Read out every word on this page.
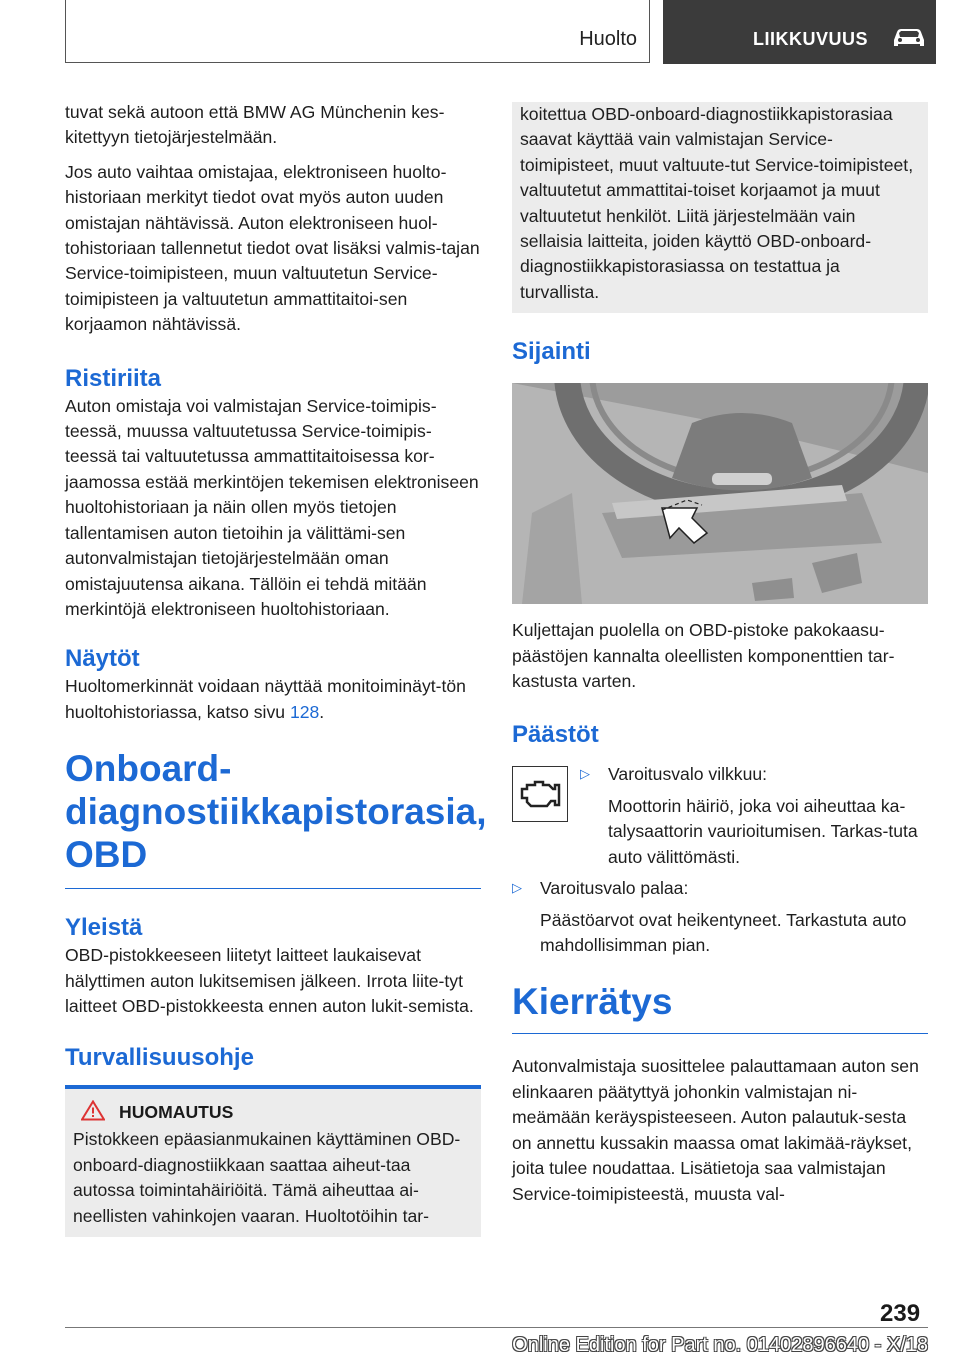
Huolto	LIIKKUVUUS

tuvat sekä autoon että BMW AG Münchenin kes-kitettyyn tietojärjestelmään.

Jos auto vaihtaa omistajaa, elektroniseen huolto-historiaan merkityt tiedot ovat myös auton uuden omistajan nähtävissä. Auton elektroniseen huol-tohistoriaan tallennetut tiedot ovat lisäksi valmis-tajan Service-toimipisteen, muun valtuutetun Service-toimipisteen ja valtuutetun ammattitaitoi-sen korjaamon nähtävissä.

Ristiriita

Auton omistaja voi valmistajan Service-toimipis-teessä, muussa valtuutetussa Service-toimipis-teessä tai valtuutetussa ammattitaitoisessa kor-jaamossa estää merkintöjen tekemisen elektroniseen huoltohistoriaan ja näin ollen myös tietojen tallentamisen auton tietoihin ja välittämi-sen autonvalmistajan tietojärjestelmään oman omistajuutensa aikana. Tällöin ei tehdä mitään merkintöjä elektroniseen huoltohistoriaan.

Näytöt

Huoltomerkinnät voidaan näyttää monitoiminäyt-tön huoltohistoriassa, katso sivu 128.

Onboard-
diagnostiikkapistorasia,
OBD
Yleistä

OBD-pistokkeeseen liitetyt laitteet laukaisevat hälyttimen auton lukitsemisen jälkeen. Irrota liite-tyt laitteet OBD-pistokkeesta ennen auton lukit-semista.

Turvallisuusohje
HUOMAUTUS

Pistokkeen epäasianmukainen käyttäminen OBD-onboard-diagnostiikkaan saattaa aiheut-taa autossa toimintahäiriöitä. Tämä aiheuttaa ai-neellisten vahinkojen vaaran. Huoltotöihin tar-

koitettua OBD-onboard-diagnostiikkapistorasiaa saavat käyttää vain valmistajan Service-toimipisteet, muut valtuute-tut Service-toimipisteet, valtuutetut ammattitai-toiset korjaamot ja muut valtuutetut henkilöt. Liitä järjestelmään vain sellaisia laitteita, joiden käyttö OBD-onboard-diagnostiikkapistorasiassa on testattua ja turvallista.

Sijainti

Kuljettajan puolella on OBD-pistoke pakokaasu-päästöjen kannalta oleellisten komponenttien tar-kastusta varten.

Päästöt
▷ Varoitusvalo vilkkuu:

Moottorin häiriö, joka voi aiheuttaa ka-talysaattorin vaurioitumisen. Tarkas-tuta auto välittömästi.

▷ Varoitusvalo palaa:

Päästöarvot ovat heikentyneet. Tarkastuta auto mahdollisimman pian.

Kierrätys

Autonvalmistaja suosittelee palauttamaan auton sen elinkaaren päätyttyä johonkin valmistajan ni-meämään keräyspisteeseen. Auton palautuk-sesta on annettu kussakin maassa omat lakimää-räykset, joita tulee noudattaa. Lisätietoja saa valmistajan Service-toimipisteestä, muusta val-

239
Online Edition for Part no. 01402896640 - X/18
